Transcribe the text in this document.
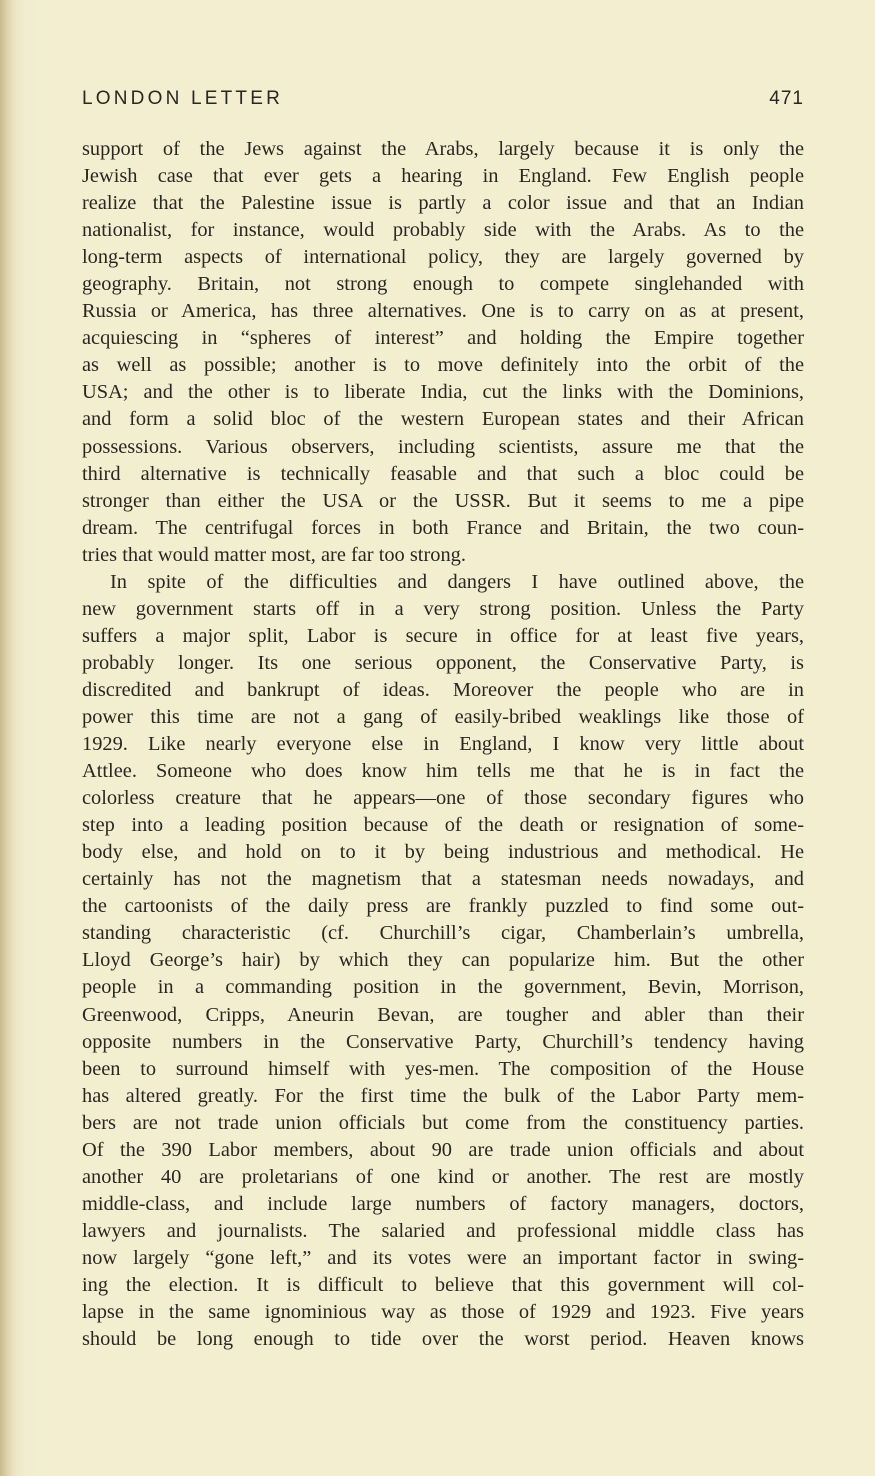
LONDON LETTER	471
support of the Jews against the Arabs, largely because it is only the
Jewish case that ever gets a hearing in England. Few English people
realize that the Palestine issue is partly a color issue and that an Indian
nationalist, for instance, would probably side with the Arabs. As to the
long-term aspects of international policy, they are largely governed by
geography. Britain, not strong enough to compete singlehanded with
Russia or America, has three alternatives. One is to carry on as at present,
acquiescing in “spheres of interest” and holding the Empire together
as well as possible; another is to move definitely into the orbit of the
USA; and the other is to liberate India, cut the links with the Dominions,
and form a solid bloc of the western European states and their African
possessions. Various observers, including scientists, assure me that the
third alternative is technically feasable and that such a bloc could be
stronger than either the USA or the USSR. But it seems to me a pipe
dream. The centrifugal forces in both France and Britain, the two coun-
tries that would matter most, are far too strong.
In spite of the difficulties and dangers I have outlined above, the
new government starts off in a very strong position. Unless the Party
suffers a major split, Labor is secure in office for at least five years,
probably longer. Its one serious opponent, the Conservative Party, is
discredited and bankrupt of ideas. Moreover the people who are in
power this time are not a gang of easily-bribed weaklings like those of
1929. Like nearly everyone else in England, I know very little about
Attlee. Someone who does know him tells me that he is in fact the
colorless creature that he appears—one of those secondary figures who
step into a leading position because of the death or resignation of some-
body else, and hold on to it by being industrious and methodical. He
certainly has not the magnetism that a statesman needs nowadays, and
the cartoonists of the daily press are frankly puzzled to find some out-
standing characteristic (cf. Churchill’s cigar, Chamberlain’s umbrella,
Lloyd George’s hair) by which they can popularize him. But the other
people in a commanding position in the government, Bevin, Morrison,
Greenwood, Cripps, Aneurin Bevan, are tougher and abler than their
opposite numbers in the Conservative Party, Churchill’s tendency having
been to surround himself with yes-men. The composition of the House
has altered greatly. For the first time the bulk of the Labor Party mem-
bers are not trade union officials but come from the constituency parties.
Of the 390 Labor members, about 90 are trade union officials and about
another 40 are proletarians of one kind or another. The rest are mostly
middle-class, and include large numbers of factory managers, doctors,
lawyers and journalists. The salaried and professional middle class has
now largely “gone left,” and its votes were an important factor in swing-
ing the election. It is difficult to believe that this government will col-
lapse in the same ignominious way as those of 1929 and 1923. Five years
should be long enough to tide over the worst period. Heaven knows
